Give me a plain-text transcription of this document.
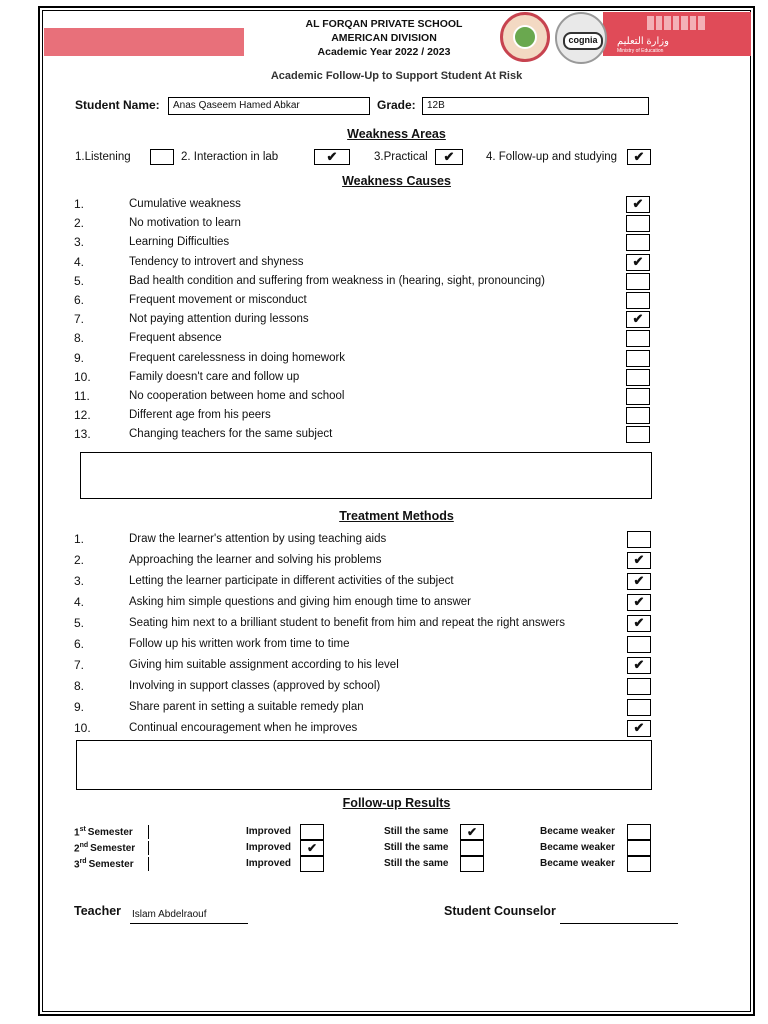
وزارة التعليم
Ministry of Education
AL FORQAN PRIVATE SCHOOL
AMERICAN DIVISION
Academic Year 2022 / 2023
cognia
Academic Follow-Up to Support Student At Risk
Student Name:	Anas Qaseem Hamed Abkar	Grade:	12B
Weakness Areas
1.Listening	2. Interaction in lab	✔	3.Practical	✔	4. Follow-up and studying	✔
Weakness Causes
1.	Cumulative weakness	✔
2.	No motivation to learn
3.	Learning Difficulties
4.	Tendency to introvert and shyness	✔
5.	Bad health condition and suffering from weakness in (hearing, sight, pronouncing)
6.	Frequent movement or misconduct
7.	Not paying attention during lessons	✔
8.	Frequent absence
9.	Frequent carelessness in doing homework
10.	Family doesn't care and follow up
11.	No cooperation between home and school
12.	Different age from his peers
13.	Changing teachers for the same subject
Treatment Methods
1.	Draw the learner's attention by using teaching aids
2.	Approaching the learner and solving his problems	✔
3.	Letting the learner participate in different activities of the subject	✔
4.	Asking him simple questions and giving him enough time to answer	✔
5.	Seating him next to a brilliant student to benefit from him and repeat the right answers	✔
6.	Follow up his written work from time to time
7.	Giving him suitable assignment according to his level	✔
8.	Involving in support classes (approved by school)
9.	Share parent in setting a suitable remedy plan
10.	Continual encouragement when he improves	✔
Follow-up Results
1st Semester	Improved	Still the same	✔	Became weaker
2nd Semester	Improved	✔	Still the same	Became weaker
3rd Semester	Improved	Still the same	Became weaker
Teacher Islam Abdelraouf	Student Counselor
